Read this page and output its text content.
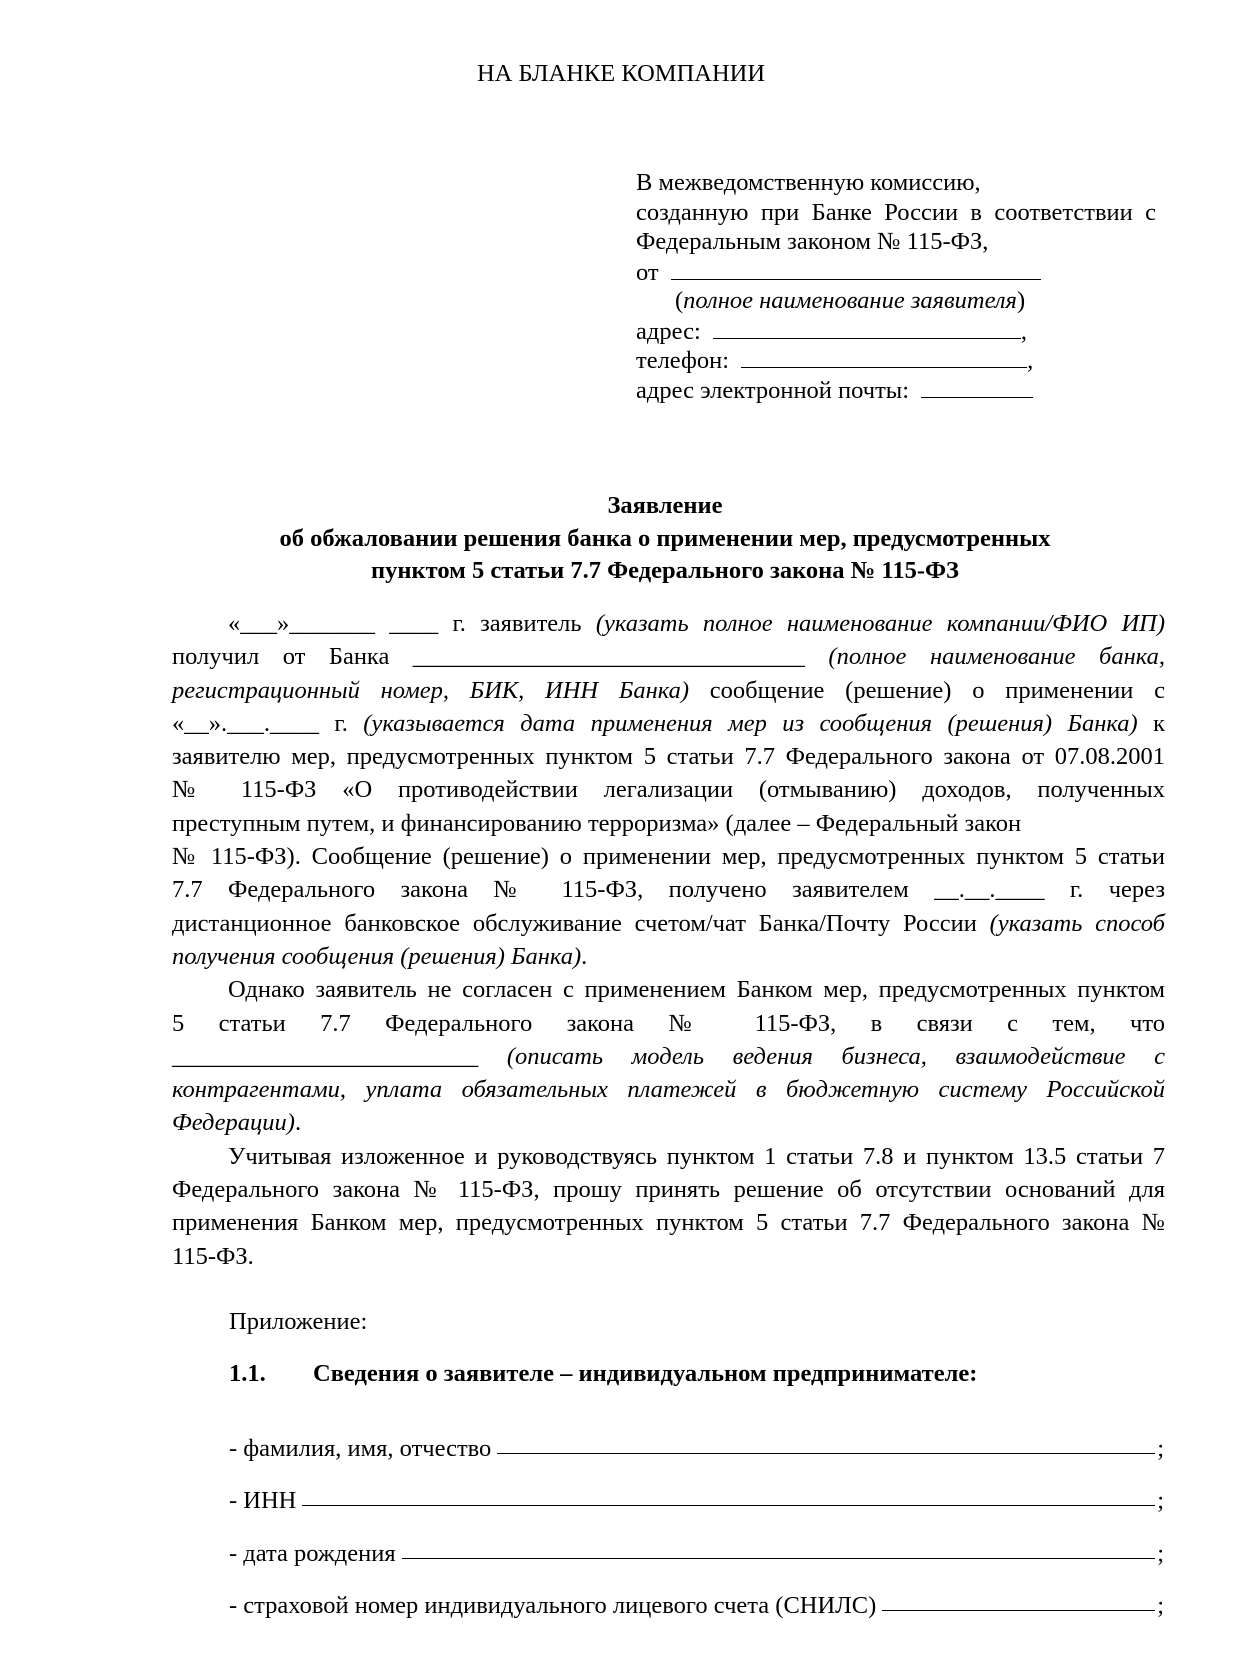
НА БЛАНКЕ КОМПАНИИ
В межведомственную комиссию,
созданную при Банке России в соответствии с
Федеральным законом № 115-ФЗ,
от
(полное наименование заявителя)
адрес:	,
телефон:	,
адрес электронной почты:
Заявление
об обжаловании решения банка о применении мер, предусмотренных
пунктом 5 статьи 7.7 Федерального закона № 115-ФЗ
«___»_______ ____ г. заявитель (указать полное наименование компании/ФИО ИП)
получил от Банка ________________________________ (полное наименование банка,
регистрационный номер, БИК, ИНН Банка) сообщение (решение) о применении с
«__».___.____ г. (указывается дата применения мер из сообщения (решения) Банка) к
заявителю мер, предусмотренных пунктом 5 статьи 7.7 Федерального закона от 07.08.2001
№ 115-ФЗ «О противодействии легализации (отмыванию) доходов, полученных
преступным путем, и финансированию терроризма» (далее – Федеральный закон
№ 115-ФЗ). Сообщение (решение) о применении мер, предусмотренных пунктом 5 статьи
7.7 Федерального закона № 115-ФЗ, получено заявителем __.__.____ г. через
дистанционное банковское обслуживание счетом/чат Банка/Почту России (указать способ
получения сообщения (решения) Банка).
Однако заявитель не согласен с применением Банком мер, предусмотренных пунктом
5 статьи 7.7 Федерального закона № 115-ФЗ, в связи с тем, что
_________________________ (описать модель ведения бизнеса, взаимодействие с
контрагентами, уплата обязательных платежей в бюджетную систему Российской
Федерации).
Учитывая изложенное и руководствуясь пунктом 1 статьи 7.8 и пунктом 13.5 статьи 7
Федерального закона № 115-ФЗ, прошу принять решение об отсутствии оснований для
применения Банком мер, предусмотренных пунктом 5 статьи 7.7 Федерального закона №
115-ФЗ.
Приложение:
1.1. Сведения о заявителе – индивидуальном предпринимателе:
- фамилия, имя, отчество	;
- ИНН	;
- дата рождения	;
- страховой номер индивидуального лицевого счета (СНИЛС)	;
